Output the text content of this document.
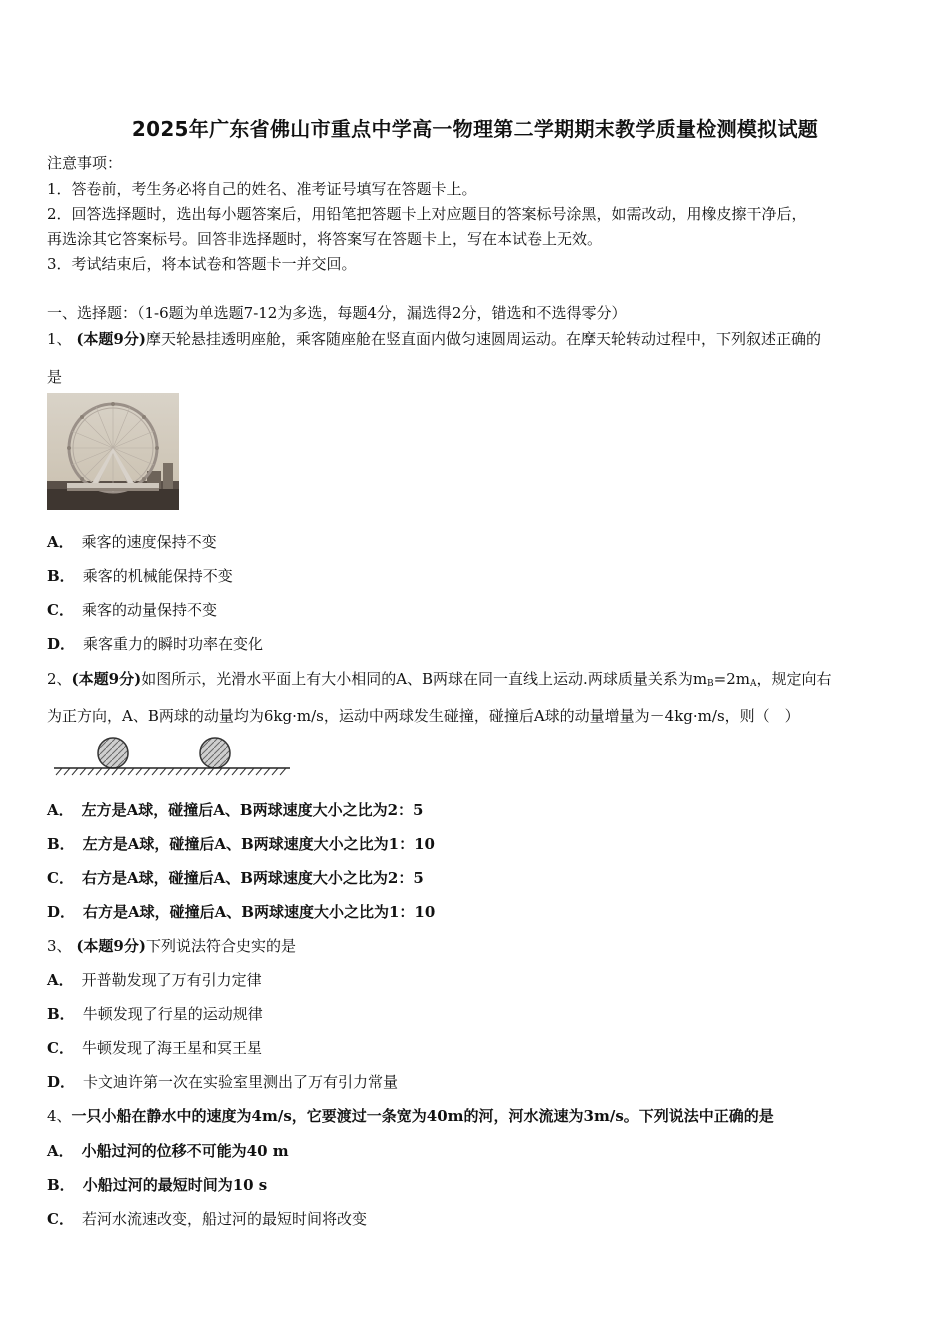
2025年广东省佛山市重点中学高一物理第二学期期末教学质量检测模拟试题
注意事项：
1．答卷前，考生务必将自己的姓名、准考证号填写在答题卡上。
2．回答选择题时，选出每小题答案后，用铅笔把答题卡上对应题目的答案标号涂黑，如需改动，用橡皮擦干净后，
再选涂其它答案标号。回答非选择题时，将答案写在答题卡上，写在本试卷上无效。
3．考试结束后，将本试卷和答题卡一并交回。
一、选择题：（1-6题为单选题7-12为多选，每题4分，漏选得2分，错选和不选得零分）
1、 (本题9分)摩天轮悬挂透明座舱，乘客随座舱在竖直面内做匀速圆周运动。在摩天轮转动过程中，下列叙述正确的
是
A． 乘客的速度保持不变
B． 乘客的机械能保持不变
C． 乘客的动量保持不变
D． 乘客重力的瞬时功率在变化
2、(本题9分)如图所示，光滑水平面上有大小相同的A、B两球在同一直线上运动.两球质量关系为$m_B=2m_A$，规定向右
为正方向，A、B两球的动量均为6kg·m/s，运动中两球发生碰撞，碰撞后A球的动量增量为－4kg·m/s，则（　）
A． 左方是A球，碰撞后A、B两球速度大小之比为2：5
B． 左方是A球，碰撞后A、B两球速度大小之比为1：10
C． 右方是A球，碰撞后A、B两球速度大小之比为2：5
D． 右方是A球，碰撞后A、B两球速度大小之比为1：10
3、 (本题9分)下列说法符合史实的是
A． 开普勒发现了万有引力定律
B． 牛顿发现了行星的运动规律
C． 牛顿发现了海王星和冥王星
D． 卡文迪许第一次在实验室里测出了万有引力常量
4、一只小船在静水中的速度为4m/s，它要渡过一条宽为40m的河，河水流速为3m/s。下列说法中正确的是
A． 小船过河的位移不可能为40 m
B． 小船过河的最短时间为10 s
C． 若河水流速改变，船过河的最短时间将改变
